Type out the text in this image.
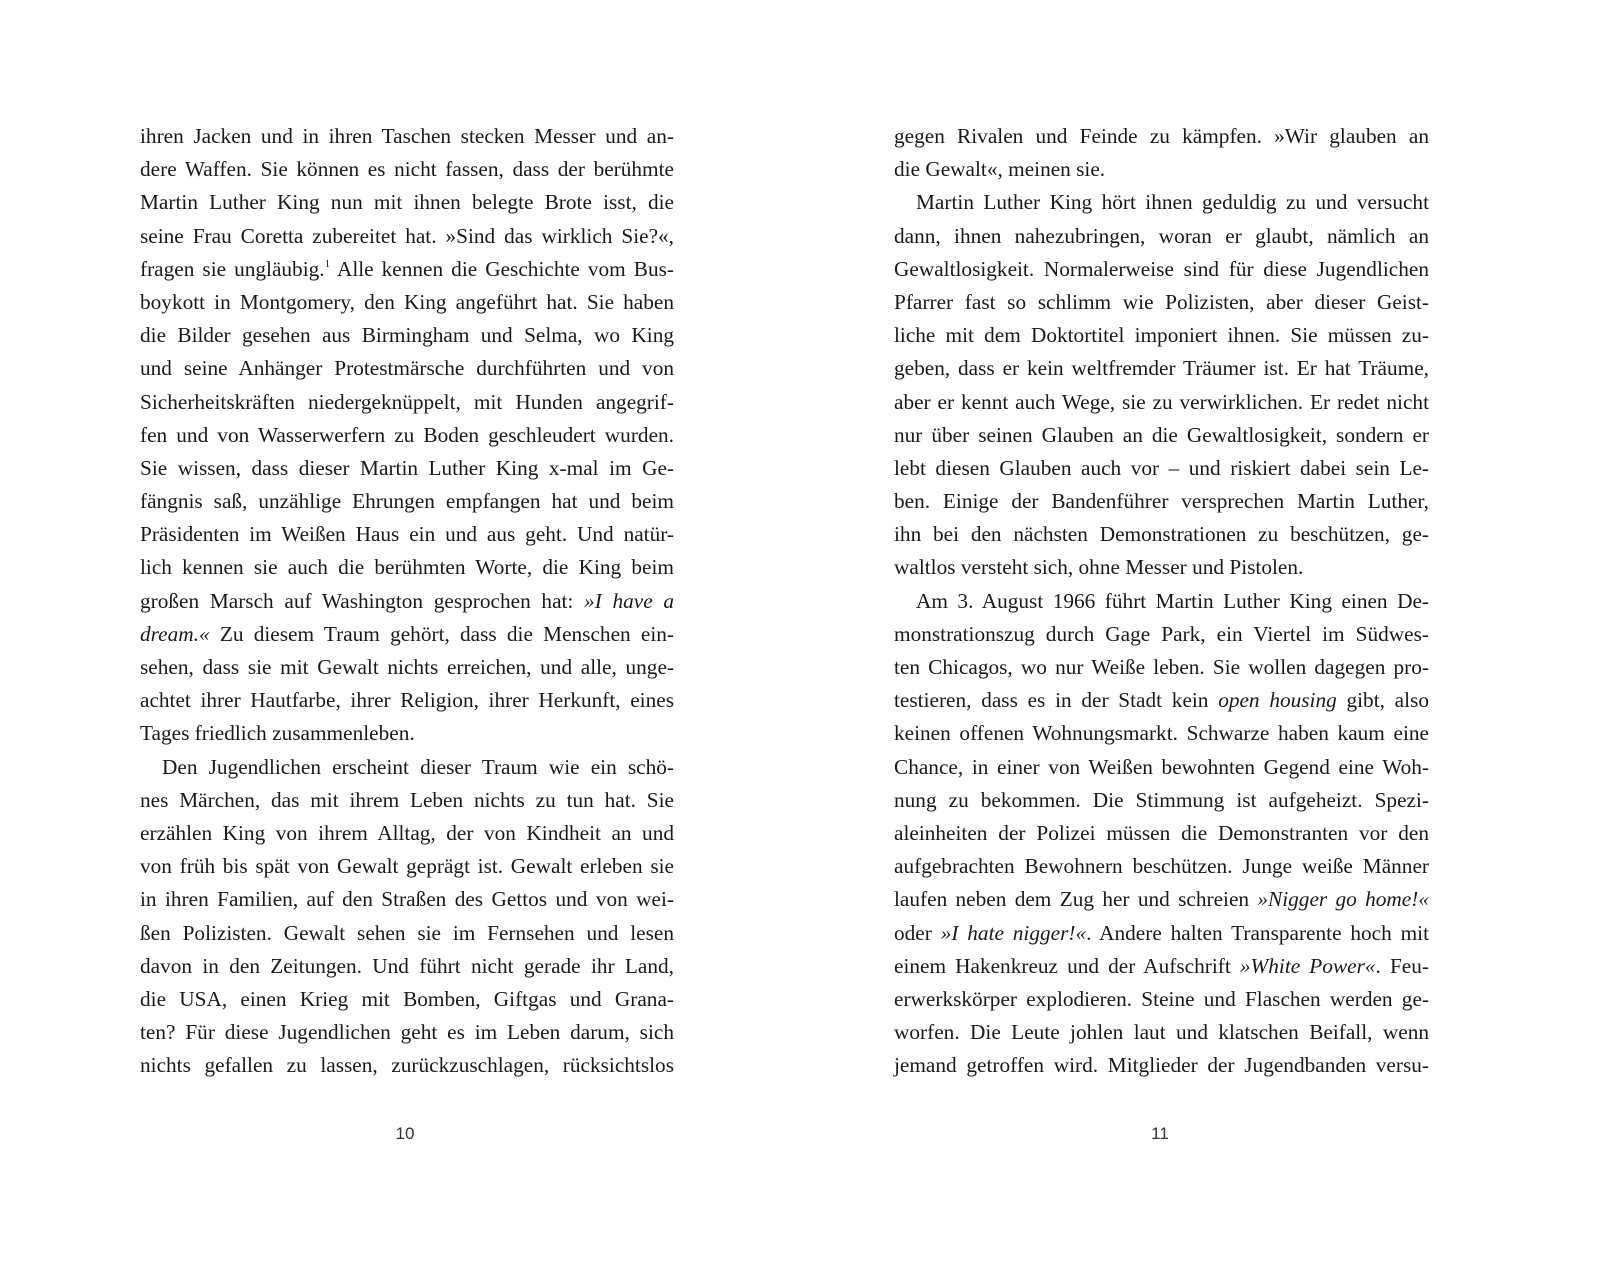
ihren Jacken und in ihren Taschen stecken Messer und an-
dere Waffen. Sie können es nicht fassen, dass der berühmte
Martin Luther King nun mit ihnen belegte Brote isst, die
seine Frau Coretta zubereitet hat. »Sind das wirklich Sie?«,
fragen sie ungläubig.$^1$ Alle kennen die Geschichte vom Bus-
boykott in Montgomery, den King angeführt hat. Sie haben
die Bilder gesehen aus Birmingham und Selma, wo King
und seine Anhänger Protestmärsche durchführten und von
Sicherheitskräften niedergeknüppelt, mit Hunden angegrif-
fen und von Wasserwerfern zu Boden geschleudert wurden.
Sie wissen, dass dieser Martin Luther King x-mal im Ge-
fängnis saß, unzählige Ehrungen empfangen hat und beim
Präsidenten im Weißen Haus ein und aus geht. Und natür-
lich kennen sie auch die berühmten Worte, die King beim
großen Marsch auf Washington gesprochen hat: »I have a
dream.« Zu diesem Traum gehört, dass die Menschen ein-
sehen, dass sie mit Gewalt nichts erreichen, und alle, unge-
achtet ihrer Hautfarbe, ihrer Religion, ihrer Herkunft, eines
Tages friedlich zusammenleben.
Den Jugendlichen erscheint dieser Traum wie ein schö-
nes Märchen, das mit ihrem Leben nichts zu tun hat. Sie
erzählen King von ihrem Alltag, der von Kindheit an und
von früh bis spät von Gewalt geprägt ist. Gewalt erleben sie
in ihren Familien, auf den Straßen des Gettos und von wei-
ßen Polizisten. Gewalt sehen sie im Fernsehen und lesen
davon in den Zeitungen. Und führt nicht gerade ihr Land,
die USA, einen Krieg mit Bomben, Giftgas und Grana-
ten? Für diese Jugendlichen geht es im Leben darum, sich
nichts gefallen zu lassen, zurückzuschlagen, rücksichtslos
10
gegen Rivalen und Feinde zu kämpfen. »Wir glauben an
die Gewalt«, meinen sie.
Martin Luther King hört ihnen geduldig zu und versucht
dann, ihnen nahezubringen, woran er glaubt, nämlich an
Gewaltlosigkeit. Normalerweise sind für diese Jugendlichen
Pfarrer fast so schlimm wie Polizisten, aber dieser Geist-
liche mit dem Doktortitel imponiert ihnen. Sie müssen zu-
geben, dass er kein weltfremder Träumer ist. Er hat Träume,
aber er kennt auch Wege, sie zu verwirklichen. Er redet nicht
nur über seinen Glauben an die Gewaltlosigkeit, sondern er
lebt diesen Glauben auch vor – und riskiert dabei sein Le-
ben. Einige der Bandenführer versprechen Martin Luther,
ihn bei den nächsten Demonstrationen zu beschützen, ge-
waltlos versteht sich, ohne Messer und Pistolen.
Am 3. August 1966 führt Martin Luther King einen De-
monstrationszug durch Gage Park, ein Viertel im Südwes-
ten Chicagos, wo nur Weiße leben. Sie wollen dagegen pro-
testieren, dass es in der Stadt kein open housing gibt, also
keinen offenen Wohnungsmarkt. Schwarze haben kaum eine
Chance, in einer von Weißen bewohnten Gegend eine Woh-
nung zu bekommen. Die Stimmung ist aufgeheizt. Spezi-
aleinheiten der Polizei müssen die Demonstranten vor den
aufgebrachten Bewohnern beschützen. Junge weiße Männer
laufen neben dem Zug her und schreien »Nigger go home!«
oder »I hate nigger!«. Andere halten Transparente hoch mit
einem Hakenkreuz und der Aufschrift »White Power«. Feu-
erwerkskörper explodieren. Steine und Flaschen werden ge-
worfen. Die Leute johlen laut und klatschen Beifall, wenn
jemand getroffen wird. Mitglieder der Jugendbanden versu-
11
